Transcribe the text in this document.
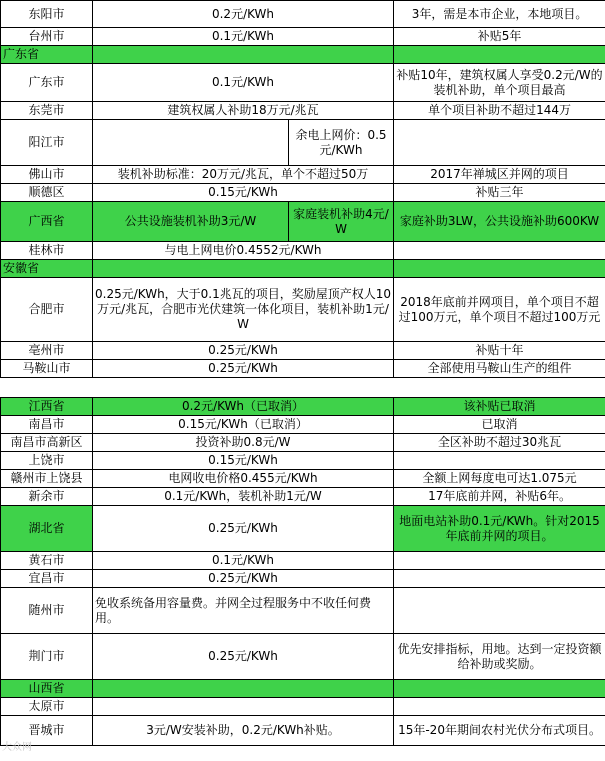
东阳市	0.2元/KWh		3年，需是本市企业，本地项目。
台州市	0.1元/KWh		补贴5年
广东省			
广东市	0.1元/KWh		补贴10年，建筑权属人享受0.2元/W的装机补助，单个项目最高
东莞市	建筑权属人补助18万元/兆瓦		单个项目补助不超过144万
阳江市		余电上网价：0.5元/KWh	
佛山市	装机补助标准：20万元/兆瓦，单个不超过50万		2017年禅城区并网的项目
顺德区	0.15元/KWh		补贴三年
广西省	公共设施装机补助3元/W	家庭装机补助4元/W	家庭补助3LW，公共设施补助600KW
桂林市	与电上网电价0.4552元/KWh		
安徽省			
合肥市	0.25元/KWh，大于0.1兆瓦的项目，奖励屋顶产权人10万元/兆瓦，合肥市光伏建筑一体化项目，装机补助1元/W		2018年底前并网项目，单个项目不超过100万元，单个项目不超过100万元
亳州市	0.25元/KWh		补贴十年
马鞍山市	0.25元/KWh		全部使用马鞍山生产的组件
江西省	0.2元/KWh（已取消）	该补贴已取消
南昌市	0.15元/KWh（已取消）	已取消
南昌市高新区	投资补助0.8元/W	全区补助不超过30兆瓦
上饶市	0.15元/KWh	
赣州市上饶县	电网收电价格0.455元/KWh	全额上网每度电可达1.075元
新余市	0.1元/KWh，装机补助1元/W	17年底前并网，补贴6年。
湖北省	0.25元/KWh	地面电站补助0.1元/KWh。针对2015年底前并网的项目。
黄石市	0.1元/KWh	
宜昌市	0.25元/KWh	
随州市	免收系统备用容量费。并网全过程服务中不收任何费用。	
荆门市	0.25元/KWh	优先安排指标，用地。达到一定投资额给补助或奖励。
山西省		
太原市		
晋城市	3元/W安装补助，0.2元/KWh补贴。	15年-20年期间农村光伏分布式项目。
大众网
